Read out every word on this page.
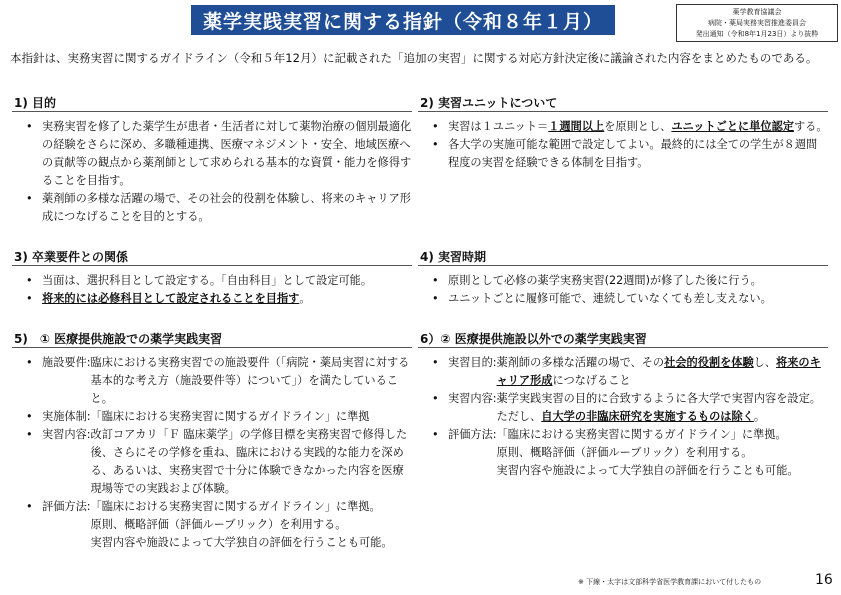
薬学実践実習に関する指針（令和８年１月）	薬学教育協議会
病院・薬局実務実習推進委員会
発出通知（令和8年1月23日）より抜粋
本指針は、実務実習に関するガイドライン（令和５年12月）に記載された「追加の実習」に関する対応方針決定後に議論された内容をまとめたものである。
1) 目的
• 実務実習を修了した薬学生が患者・生活者に対して薬物治療の個別最適化の経験をさらに深め、多職種連携、医療マネジメント・安全、地域医療への貢献等の観点から薬剤師として求められる基本的な資質・能力を修得することを目指す。
• 薬剤師の多様な活躍の場で、その社会的役割を体験し、将来のキャリア形成につなげることを目的とする。
2) 実習ユニットについて
• 実習は１ユニット＝１週間以上を原則とし、ユニットごとに単位認定する。
• 各大学の実施可能な範囲で設定してよい。最終的には全ての学生が８週間程度の実習を経験できる体制を目指す。
3) 卒業要件との関係
• 当面は、選択科目として設定する。「自由科目」として設定可能。
• 将来的には必修科目として設定されることを目指す。
4) 実習時期
• 原則として必修の薬学実務実習(22週間)が修了した後に行う。
• ユニットごとに履修可能で、連続していなくても差し支えない。
5)　① 医療提供施設での薬学実践実習
• 施設要件: 臨床における実務実習での施設要件（「病院・薬局実習に対する基本的な考え方（施設要件等）について」）を満たしていること。
• 実施体制: 「臨床における実務実習に関するガイドライン」に準拠
• 実習内容: 改訂コアカリ「Ｆ 臨床薬学」の学修目標を実務実習で修得した後、さらにその学修を重ね、臨床における実践的な能力を深める、あるいは、実務実習で十分に体験できなかった内容を医療現場等での実践および体験。
• 評価方法: 「臨床における実務実習に関するガイドライン」に準拠。
原則、概略評価（評価ルーブリック）を利用する。
実習内容や施設によって大学独自の評価を行うことも可能。
6）② 医療提供施設以外での薬学実践実習
• 実習目的: 薬剤師の多様な活躍の場で、その社会的役割を体験し、将来のキャリア形成につなげること
• 実習内容: 薬学実践実習の目的に合致するように各大学で実習内容を設定。ただし、自大学の非臨床研究を実施するものは除く。
• 評価方法: 「臨床における実務実習に関するガイドライン」に準拠。
原則、概略評価（評価ルーブリック）を利用する。
実習内容や施設によって大学独自の評価を行うことも可能。
※ 下線・太字は文部科学省医学教育課において付したもの	16
